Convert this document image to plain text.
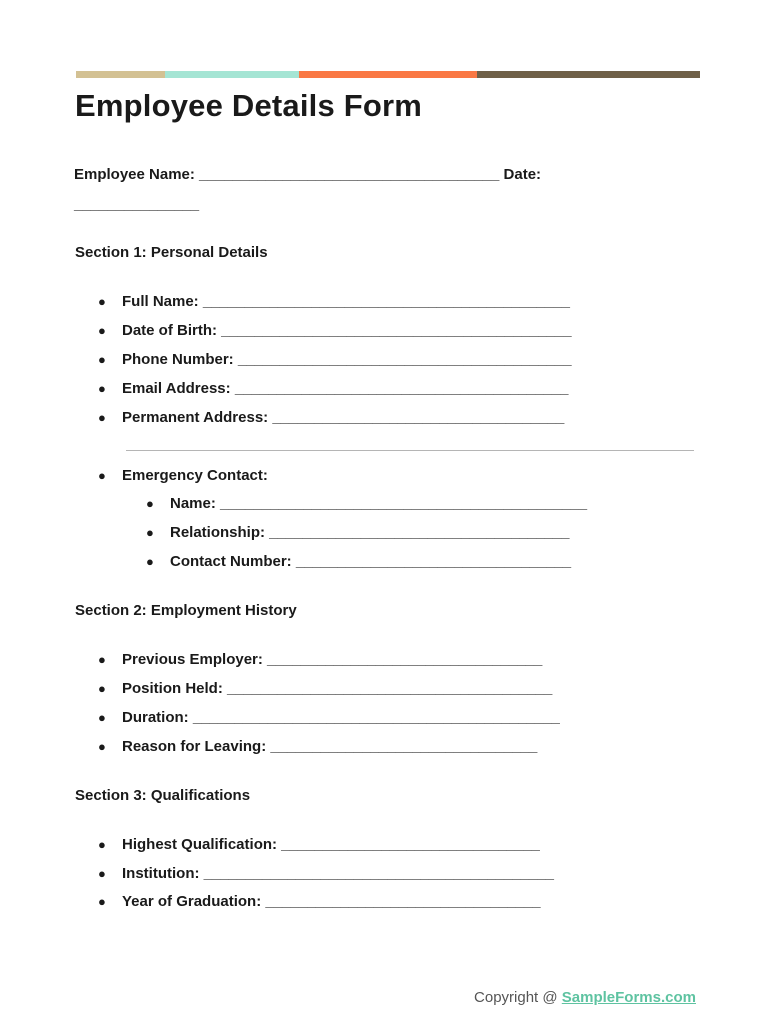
Employee Details Form
Employee Name: ____________________________________ Date:
_______________
Section 1: Personal Details
● Full Name: ____________________________________________
● Date of Birth: __________________________________________
● Phone Number: ________________________________________
● Email Address: ________________________________________
● Permanent Address: ___________________________________
● Emergency Contact:
● Name: ____________________________________________
● Relationship: ____________________________________
● Contact Number: _________________________________
Section 2: Employment History
● Previous Employer: _________________________________
● Position Held: _______________________________________
● Duration: ____________________________________________
● Reason for Leaving: ________________________________
Section 3: Qualifications
● Highest Qualification: _______________________________
● Institution: __________________________________________
● Year of Graduation: _________________________________
Copyright @ SampleForms.com
